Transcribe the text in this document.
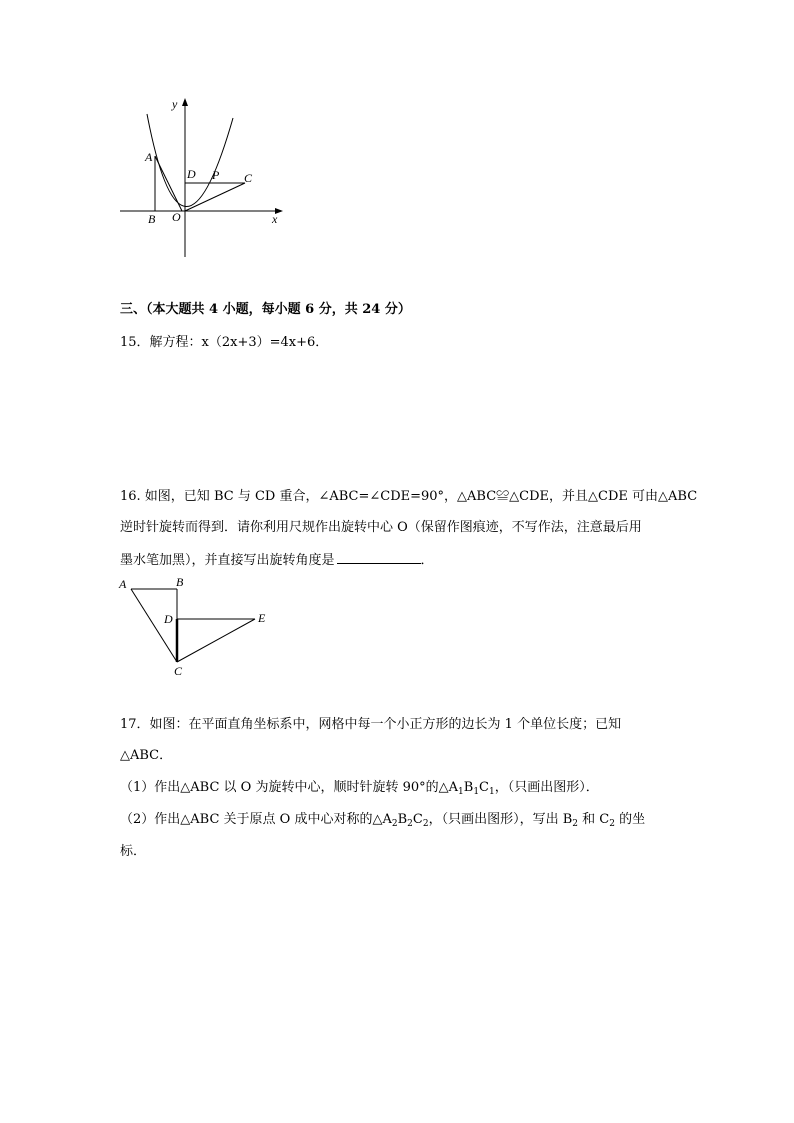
y
x
A
B O
D P C
三、（本大题共 4 小题，每小题 6 分，共 24 分）
15．解方程：x（2x+3）=4x+6．
16. 如图，已知 BC 与 CD 重合，∠ABC=∠CDE=90°，△ABC≌△CDE，并且△CDE 可由△ABC
逆时针旋转而得到．请你利用尺规作出旋转中心 O（保留作图痕迹，不写作法，注意最后用
墨水笔加黑），并直接写出旋转角度是	．
A	B
D	E
C
17．如图：在平面直角坐标系中，网格中每一个小正方形的边长为 1 个单位长度；已知
△ABC．
（1）作出△ABC 以 O 为旋转中心，顺时针旋转 90°的$\triangle A_1B_1C_1$，（只画出图形）．
（2）作出△ABC 关于原点 O 成中心对称的$\triangle A_2B_2C_2$，（只画出图形），写出 $B_2$ 和 $C_2$ 的坐
标．
